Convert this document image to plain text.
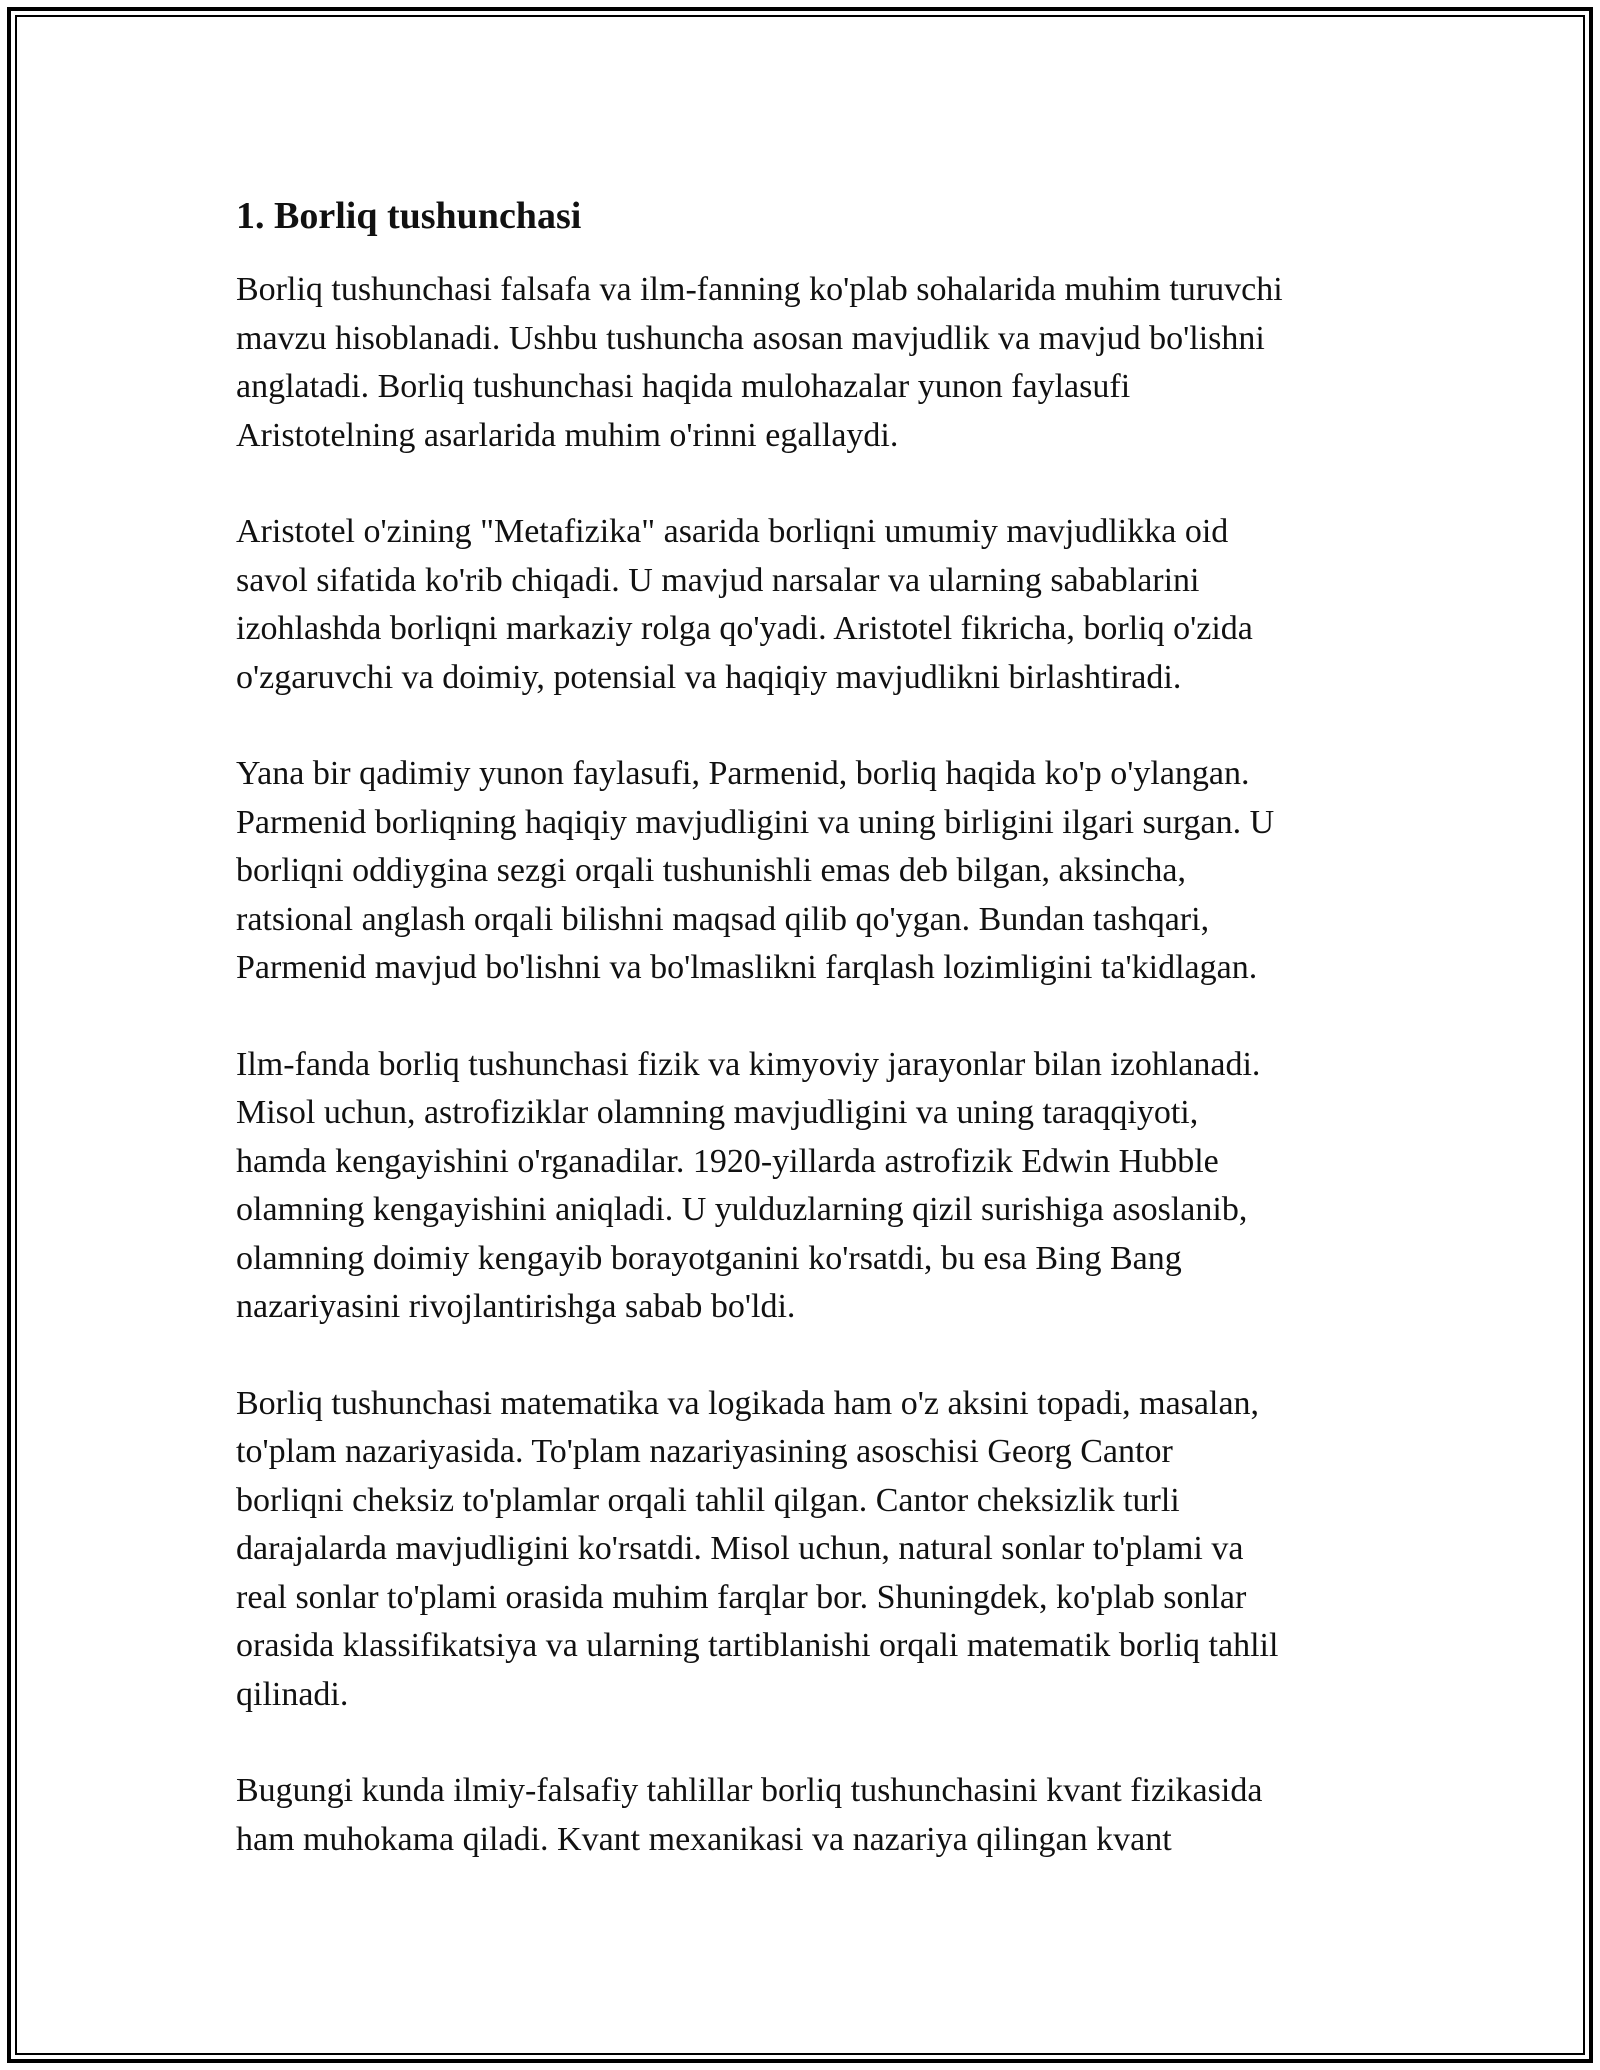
1. Borliq tushunchasi

Borliq tushunchasi falsafa va ilm-fanning ko'plab sohalarida muhim turuvchi
mavzu hisoblanadi. Ushbu tushuncha asosan mavjudlik va mavjud bo'lishni
anglatadi. Borliq tushunchasi haqida mulohazalar yunon faylasufi
Aristotelning asarlarida muhim o'rinni egallaydi.

Aristotel o'zining "Metafizika" asarida borliqni umumiy mavjudlikka oid
savol sifatida ko'rib chiqadi. U mavjud narsalar va ularning sabablarini
izohlashda borliqni markaziy rolga qo'yadi. Aristotel fikricha, borliq o'zida
o'zgaruvchi va doimiy, potensial va haqiqiy mavjudlikni birlashtiradi.

Yana bir qadimiy yunon faylasufi, Parmenid, borliq haqida ko'p o'ylangan.
Parmenid borliqning haqiqiy mavjudligini va uning birligini ilgari surgan. U
borliqni oddiygina sezgi orqali tushunishli emas deb bilgan, aksincha,
ratsional anglash orqali bilishni maqsad qilib qo'ygan. Bundan tashqari,
Parmenid mavjud bo'lishni va bo'lmaslikni farqlash lozimligini ta'kidlagan.

Ilm-fanda borliq tushunchasi fizik va kimyoviy jarayonlar bilan izohlanadi.
Misol uchun, astrofiziklar olamning mavjudligini va uning taraqqiyoti,
hamda kengayishini o'rganadilar. 1920-yillarda astrofizik Edwin Hubble
olamning kengayishini aniqladi. U yulduzlarning qizil surishiga asoslanib,
olamning doimiy kengayib borayotganini ko'rsatdi, bu esa Bing Bang
nazariyasini rivojlantirishga sabab bo'ldi.

Borliq tushunchasi matematika va logikada ham o'z aksini topadi, masalan,
to'plam nazariyasida. To'plam nazariyasining asoschisi Georg Cantor
borliqni cheksiz to'plamlar orqali tahlil qilgan. Cantor cheksizlik turli
darajalarda mavjudligini ko'rsatdi. Misol uchun, natural sonlar to'plami va
real sonlar to'plami orasida muhim farqlar bor. Shuningdek, ko'plab sonlar
orasida klassifikatsiya va ularning tartiblanishi orqali matematik borliq tahlil
qilinadi.

Bugungi kunda ilmiy-falsafiy tahlillar borliq tushunchasini kvant fizikasida
ham muhokama qiladi. Kvant mexanikasi va nazariya qilingan kvant
